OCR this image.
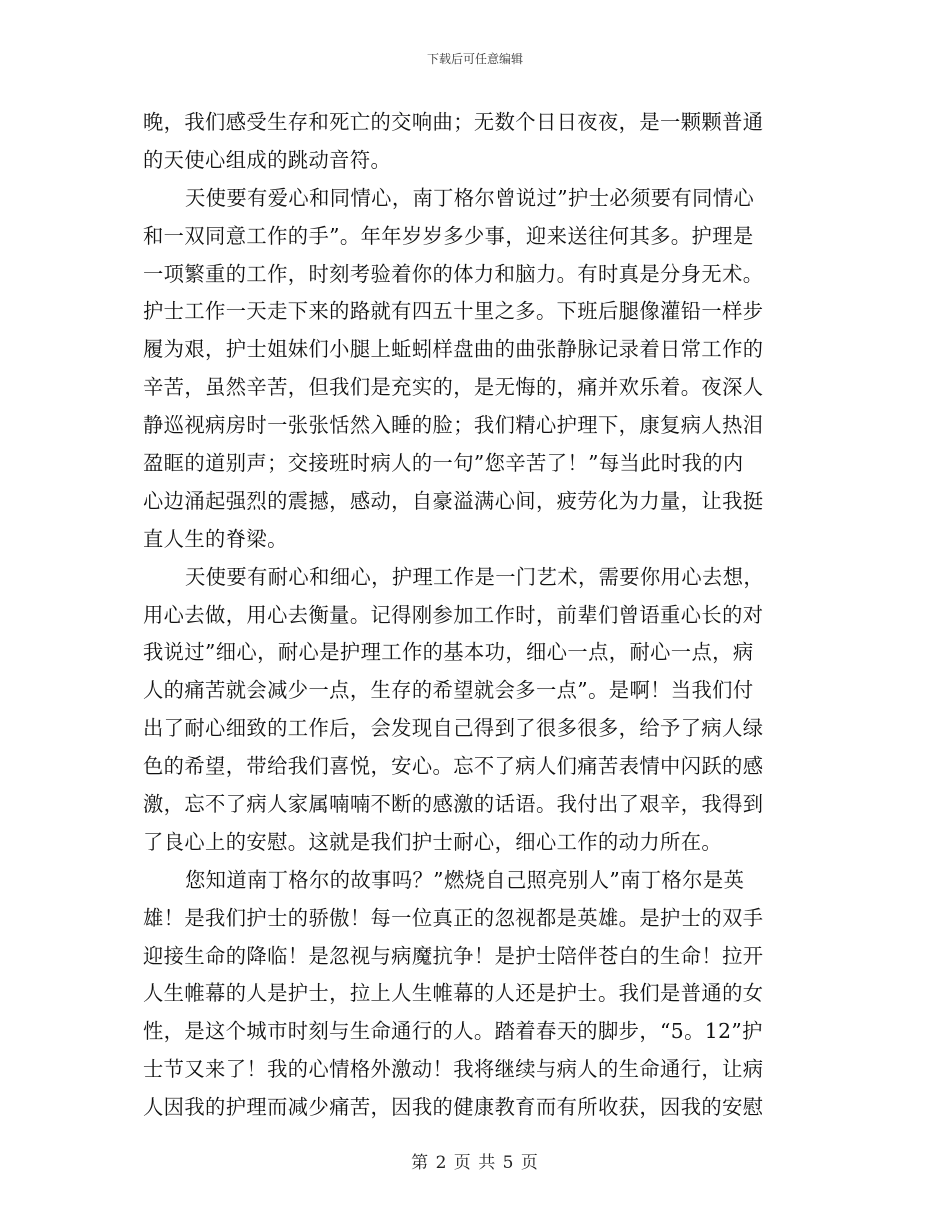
下载后可任意编辑
晚，我们感受生存和死亡的交响曲；无数个日日夜夜，是一颗颗普通
的天使心组成的跳动音符。
天使要有爱心和同情心，南丁格尔曾说过”护士必须要有同情心
和一双同意工作的手”。年年岁岁多少事，迎来送往何其多。护理是
一项繁重的工作，时刻考验着你的体力和脑力。有时真是分身无术。
护士工作一天走下来的路就有四五十里之多。下班后腿像灌铅一样步
履为艰，护士姐妹们小腿上蚯蚓样盘曲的曲张静脉记录着日常工作的
辛苦，虽然辛苦，但我们是充实的，是无悔的，痛并欢乐着。夜深人
静巡视病房时一张张恬然入睡的脸；我们精心护理下，康复病人热泪
盈眶的道别声；交接班时病人的一句”您辛苦了！”每当此时我的内
心边涌起强烈的震撼，感动，自豪溢满心间，疲劳化为力量，让我挺
直人生的脊梁。
天使要有耐心和细心，护理工作是一门艺术，需要你用心去想，
用心去做，用心去衡量。记得刚参加工作时，前辈们曾语重心长的对
我说过”细心，耐心是护理工作的基本功，细心一点，耐心一点，病
人的痛苦就会减少一点，生存的希望就会多一点”。是啊！当我们付
出了耐心细致的工作后，会发现自己得到了很多很多，给予了病人绿
色的希望，带给我们喜悦，安心。忘不了病人们痛苦表情中闪跃的感
激，忘不了病人家属喃喃不断的感激的话语。我付出了艰辛，我得到
了良心上的安慰。这就是我们护士耐心，细心工作的动力所在。
您知道南丁格尔的故事吗？”燃烧自己照亮别人”南丁格尔是英
雄！是我们护士的骄傲！每一位真正的忽视都是英雄。是护士的双手
迎接生命的降临！是忽视与病魔抗争！是护士陪伴苍白的生命！拉开
人生帷幕的人是护士，拉上人生帷幕的人还是护士。我们是普通的女
性，是这个城市时刻与生命通行的人。踏着春天的脚步，“5。12”护
士节又来了！我的心情格外激动！我将继续与病人的生命通行，让病
人因我的护理而减少痛苦，因我的健康教育而有所收获，因我的安慰
第 2 页 共 5 页
